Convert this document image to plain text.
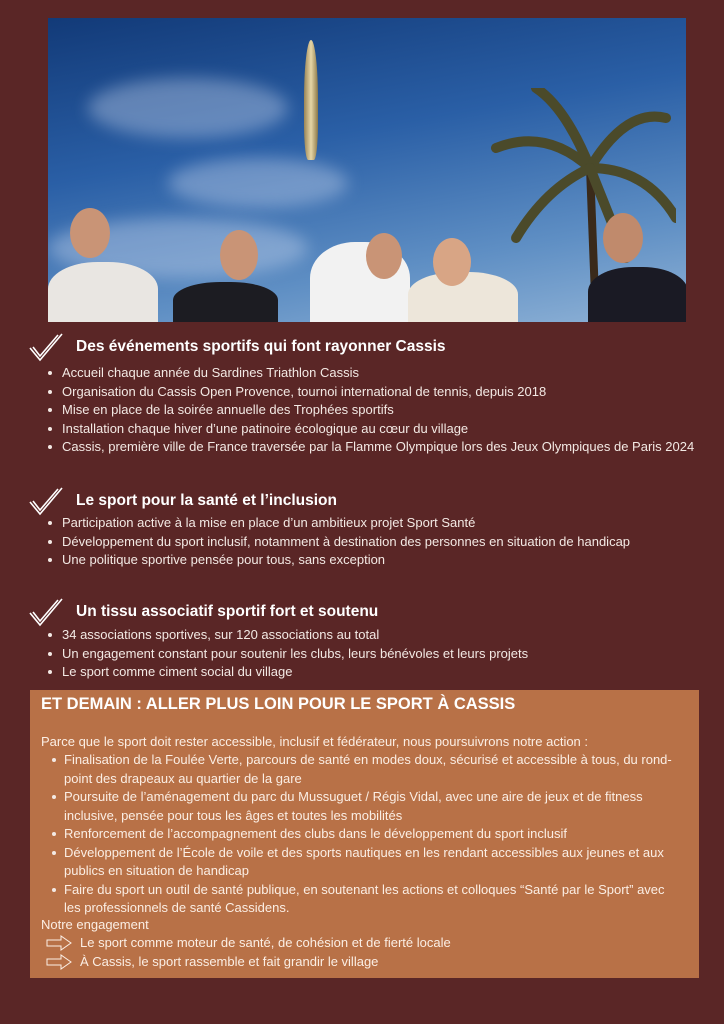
Des événements sportifs qui font rayonner Cassis
Accueil chaque année du Sardines Triathlon Cassis
Organisation du Cassis Open Provence, tournoi international de tennis, depuis 2018
Mise en place de la soirée annuelle des Trophées sportifs
Installation chaque hiver d’une patinoire écologique au cœur du village
Cassis, première ville de France traversée par la Flamme Olympique lors des Jeux Olympiques de Paris 2024
Le sport pour la santé et l’inclusion
Participation active à la mise en place d’un ambitieux projet Sport Santé
Développement du sport inclusif, notamment à destination des personnes en situation de handicap
Une politique sportive pensée pour tous, sans exception
Un tissu associatif sportif fort et soutenu
34 associations sportives, sur 120 associations au total
Un engagement constant pour soutenir les clubs, leurs bénévoles et leurs projets
Le sport comme ciment social du village
ET DEMAIN : ALLER PLUS LOIN POUR LE SPORT À CASSIS
Parce que le sport doit rester accessible, inclusif et fédérateur, nous poursuivrons notre action :
Finalisation de la Foulée Verte, parcours de santé en modes doux, sécurisé et accessible à tous, du rond-point des drapeaux au quartier de la gare
Poursuite de l’aménagement du parc du Mussuguet / Régis Vidal, avec une aire de jeux et de fitness inclusive, pensée pour tous les âges et toutes les mobilités
Renforcement de l’accompagnement des clubs dans le développement du sport inclusif
Développement de l’École de voile et des sports nautiques en les rendant accessibles aux jeunes et aux publics en situation de handicap
Faire du sport un outil de santé publique, en soutenant les actions et colloques “Santé par le Sport” avec les professionnels de santé Cassidens.
Notre engagement
Le sport comme moteur de santé, de cohésion et de fierté locale
À Cassis, le sport rassemble et fait grandir le village
